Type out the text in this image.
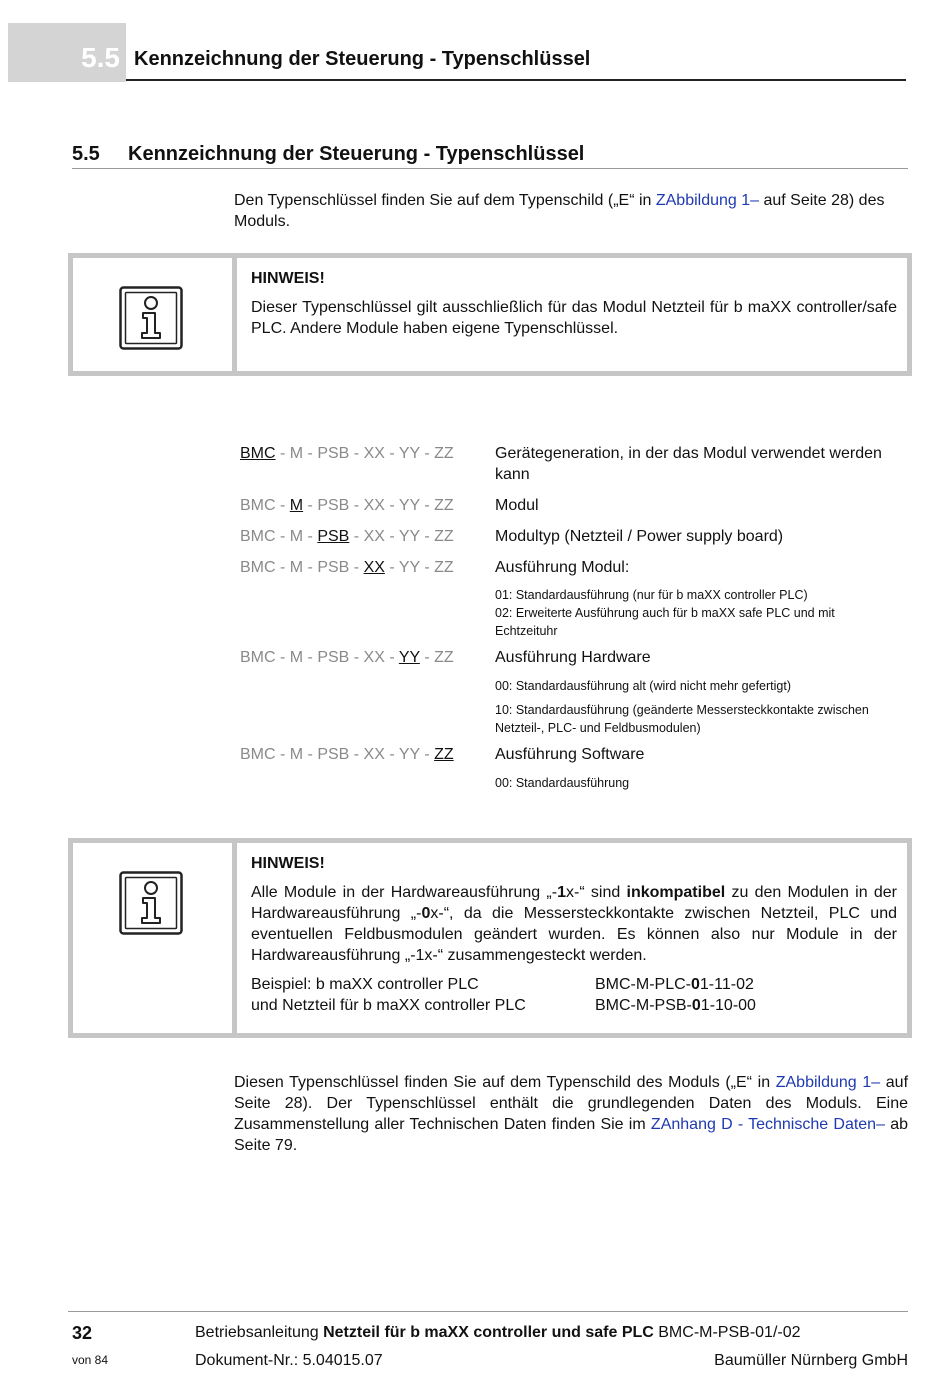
5.5 Kennzeichnung der Steuerung - Typenschlüssel
5.5 Kennzeichnung der Steuerung - Typenschlüssel
Den Typenschlüssel finden Sie auf dem Typenschild („E“ in ZAbbildung 1– auf Seite 28) des Moduls.
HINWEIS!
Dieser Typenschlüssel gilt ausschließlich für das Modul Netzteil für b maXX controller/safe PLC. Andere Module haben eigene Typenschlüssel.
BMC - M - PSB - XX - YY - ZZ	Gerätegeneration, in der das Modul verwendet werden kann
BMC - M - PSB - XX - YY - ZZ	Modul
BMC - M - PSB - XX - YY - ZZ	Modultyp (Netzteil / Power supply board)
BMC - M - PSB - XX - YY - ZZ	Ausführung Modul:
01: Standardausführung (nur für b maXX controller PLC)
02: Erweiterte Ausführung auch für b maXX safe PLC und mit Echtzeituhr
BMC - M - PSB - XX - YY - ZZ	Ausführung Hardware
00: Standardausführung alt (wird nicht mehr gefertigt)
10: Standardausführung (geänderte Messersteckkontakte zwischen Netzteil-, PLC- und Feldbusmodulen)
BMC - M - PSB - XX - YY - ZZ	Ausführung Software
00: Standardausführung
HINWEIS!
Alle Module in der Hardwareausführung „-1x-“ sind inkompatibel zu den Modulen in der Hardwareausführung „-0x-“, da die Messersteckkontakte zwischen Netzteil, PLC und eventuellen Feldbusmodulen geändert wurden. Es können also nur Module in der Hardwareausführung „-1x-“ zusammengesteckt werden.
Beispiel: b maXX controller PLC	BMC-M-PLC-01-11-02
und Netzteil für b maXX controller PLC	BMC-M-PSB-01-10-00
Diesen Typenschlüssel finden Sie auf dem Typenschild des Moduls („E“ in ZAbbildung 1– auf Seite 28). Der Typenschlüssel enthält die grundlegenden Daten des Moduls. Eine Zusammenstellung aller Technischen Daten finden Sie im ZAnhang D - Technische Daten– ab Seite 79.
32
von 84
Betriebsanleitung Netzteil für b maXX controller und safe PLC BMC-M-PSB-01/-02
Dokument-Nr.: 5.04015.07	Baumüller Nürnberg GmbH
